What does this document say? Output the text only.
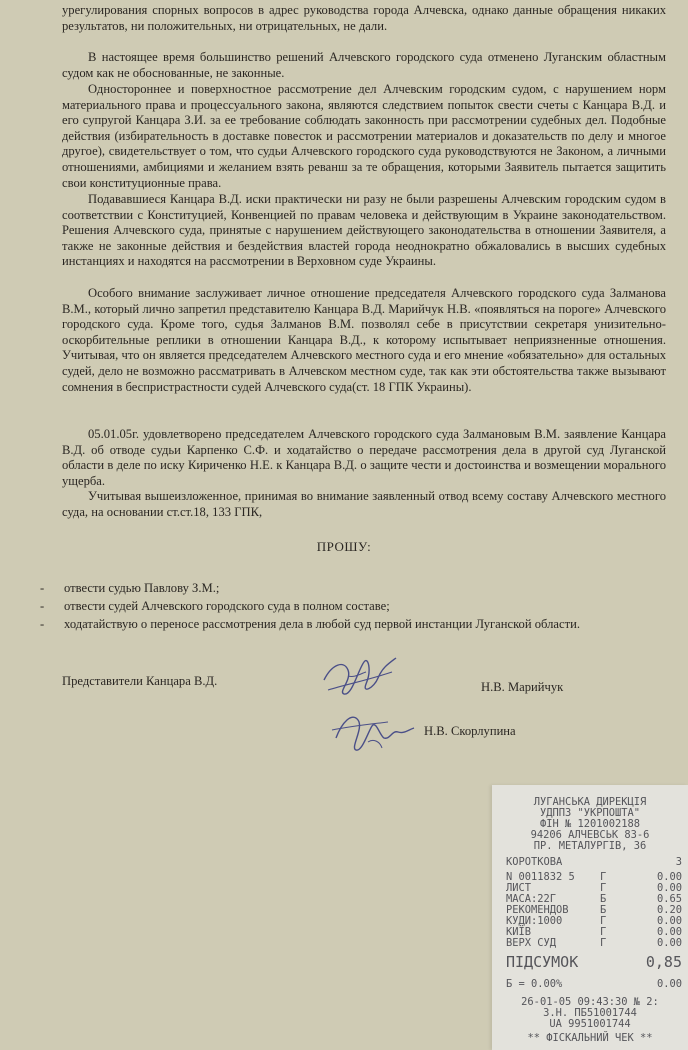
урегулирования спорных вопросов в адрес руководства города Алчевска, однако данные обращения никаких результатов, ни положительных, ни отрицательных, не дали.

В настоящее время большинство решений Алчевского городского суда отменено Луганским областным судом как не обоснованные, не законные.

Одностороннее и поверхностное рассмотрение дел Алчевским городским судом, с нарушением норм материального права и процессуального закона, являются следствием попыток свести счеты с Канцара В.Д. и его супругой Канцара З.И. за ее требование соблюдать законность при рассмотрении судебных дел. Подобные действия (избирательность в доставке повесток и рассмотрении материалов и доказательств по делу и многое другое), свидетельствует о том, что судьи Алчевского городского суда руководствуются не Законом, а личными отношениями, амбициями и желанием взять реванш за те обращения, которыми Заявитель пытается защитить свои конституционные права.

Подававшиеся Канцара В.Д. иски практически ни разу не были разрешены Алчевским городским судом в соответствии с Конституцией, Конвенцией по правам человека и действующим в Украине законодательством. Решения Алчевского суда, принятые с нарушением действующего законодательства в отношении Заявителя, а также не законные действия и бездействия властей города неоднократно обжаловались в высших судебных инстанциях и находятся на рассмотрении в Верховном суде Украины.

Особого внимание заслуживает личное отношение председателя Алчевского городского суда Залманова В.М., который лично запретил представителю Канцара В.Д. Марийчук Н.В. «появляться на пороге» Алчевского городского суда. Кроме того, судья Залманов В.М. позволял себе в присутствии секретаря унизительно-оскорбительные реплики в отношении Канцара В.Д., к которому испытывает неприязненные отношения. Учитывая, что он является председателем Алчевского местного суда и его мнение «обязательно» для остальных судей, дело не возможно рассматривать в Алчевском местном суде, так как эти обстоятельства также вызывают сомнения в беспристрастности судей Алчевского суда(ст. 18 ГПК Украины).

05.01.05г. удовлетворено председателем Алчевского городского суда Залмановым В.М. заявление Канцара В.Д. об отводе судьи Карпенко С.Ф. и ходатайство о передаче рассмотрения дела в другой суд Луганской области в деле по иску Кириченко Н.Е. к Канцара В.Д. о защите чести и достоинства и возмещении морального ущерба.

Учитывая вышеизложенное, принимая во внимание заявленный отвод всему составу Алчевского местного суда, на основании ст.ст.18, 133 ГПК,

ПРОШУ:
- отвести судью Павлову З.М.;
- отвести судей Алчевского городского суда в полном составе;
- ходатайствую о переносе рассмотрения дела в любой суд первой инстанции Луганской области.
Представители Канцара В.Д.	Н.В. Марийчук
Н.В. Скорлупина
ЛУГАНСЬКА ДИРЕКЦІЯ
УДППЗ "УКРПОШТА"
ФІН № 1201002188
94206 АЛЧЕВСЬК 83-6
ПР. МЕТАЛУРГІВ, 36
КОРОТКОВА	3
N 0011832 5 Г	0.00
ЛИСТ	Г	0.00
МАСА:22Г	Б	0.65
РЕКОМЕНДОВ	Б	0.20
КУДИ:1000	Г	0.00
КИЇВ	Г	0.00
ВЕРХ СУД	Г	0.00
ПІДСУМОК	0,85
Б = 0.00%	0.00
26-01-05 09:43:30 № 2:
З.Н. ПБ51001744
UA 9951001744
** ФІСКАЛЬНИЙ ЧЕК **
